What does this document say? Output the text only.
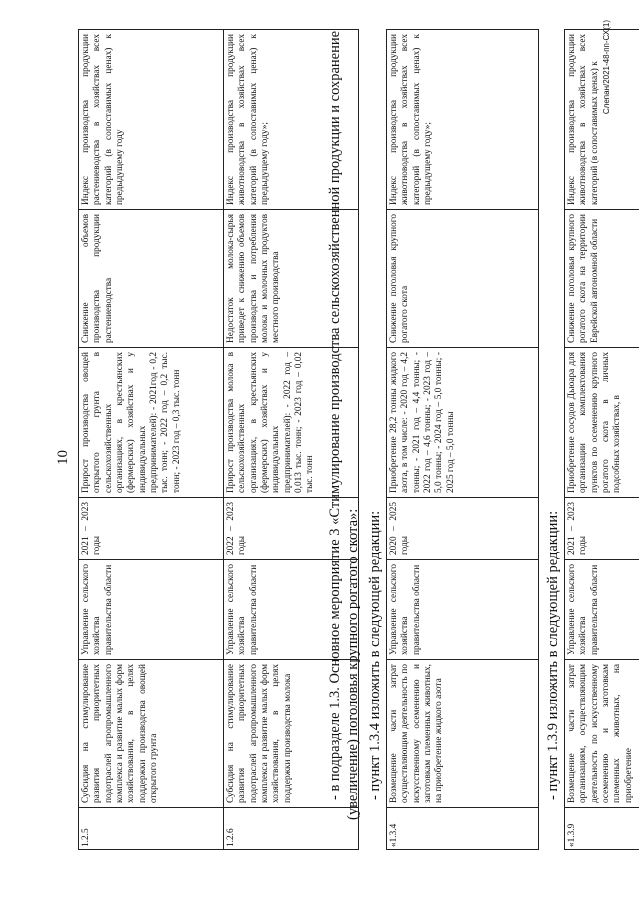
10
1.2.5	Субсидия на стимулирование развития приоритетных подотраслей агропромышленного комплекса и развитие малых форм хозяйствования, в целях поддержки производства овощей открытого грунта	Управление сельского хозяйства правительства области	2021 – 2023 годы	Прирост производства овощей открытого грунта в сельскохозяйственных организациях, в крестьянских (фермерских) хозяйствах и у индивидуальных предпринимателей): - 2021год - 0,2 тыс. тонн; - 2022 год – 0,2 тыс. тонн; - 2023 год – 0,3 тыс. тонн	Снижение объемов производства продукции растениеводства	Индекс производства продукции растениеводства в хозяйствах всех категорий (в сопоставимых ценах) к предыдущему году
1.2.6	Субсидия на стимулирование развития приоритетных подотраслей агропромышленного комплекса и развитие малых форм хозяйствования, в целях поддержки производства молока	Управление сельского хозяйства правительства области	2022 – 2023 годы	Прирост производства молока в сельскохозяйственных организациях, в крестьянских (фермерских) хозяйствах и у индивидуальных предпринимателей): - 2022 год – 0,013 тыс. тонн; - 2023 год – 0,02 тыс. тонн	Недостаток молока-сырья приведет к снижению объемов производства и потребления молока и молочных продуктов местного производства	Индекс производства продукции животноводства в хозяйствах всех категорий (в сопоставимых ценах) к предыдущему году»;	- в подразделе 1.3. Основное мероприятие 3 «Стимулирование производства сельскохозяйственной продукции и сохранение (увеличение) поголовья крупного рогатого скота»: - пункт 1.3.4 изложить в следующей редакции:
«1.3.4	Возмещение части затрат осуществляющим деятельность по искусственному осеменению и заготовкам племенных животных, на приобретение жидкого азота	Управление сельского хозяйства правительства области	2020 – 2025 годы	Приобретение 28,2 тонны жидкого азота, в том числе: - 2020 год – 4,2 тонны; - 2021 год – 4,4 тонны; - 2022 год – 4,6 тонны; - 2023 год – 5,0 тонны; - 2024 год – 5,0 тонны; - 2025 год – 5,0 тонны	Снижение поголовья крупного рогатого скота	Индекс производства продукции животноводства в хозяйствах всех категорий (в сопоставимых ценах) к предыдущему году»;
- пункт 1.3.9 изложить в следующей редакции:
«1.3.9	Возмещение части затрат организациям, осуществляющим деятельность по искусственному осеменению и заготовкам племенных животных, на приобретение	Управление сельского хозяйства правительства области	2021 – 2023 годы	Приобретение сосудов Дьюара для организации комплектования пунктов по осеменению крупного рогатого скота в личных подсобных хозяйствах, в	Снижение поголовья крупного рогатого скота на территории Еврейской автономной области	Индекс производства продукции животноводства в хозяйствах всех категорий (в сопоставимых ценах) к Слепан/2021-48-пп-СХ(1)
